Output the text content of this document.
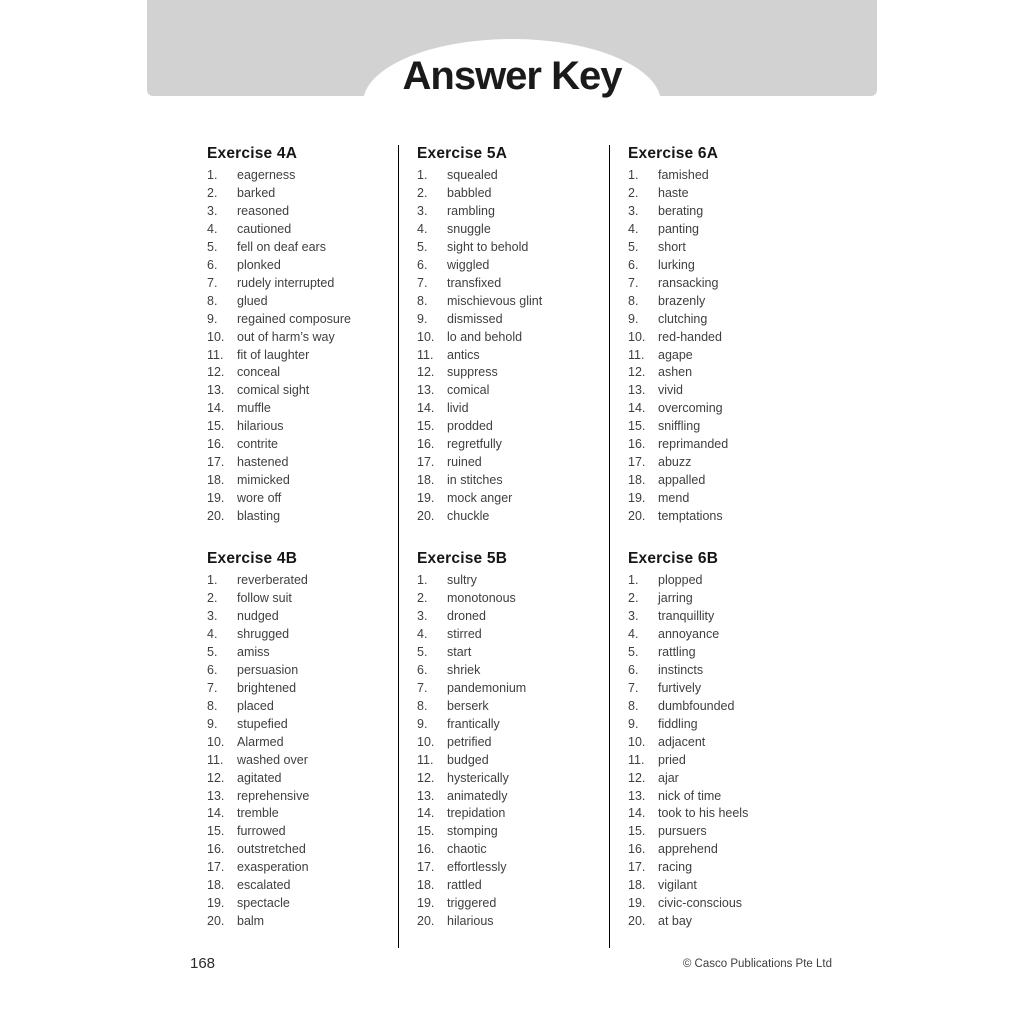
Answer Key
Exercise 4A
1.	eagerness
2.	barked
3.	reasoned
4.	cautioned
5.	fell on deaf ears
6.	plonked
7.	rudely interrupted
8.	glued
9.	regained composure
10.	out of harm’s way
11.	fit of laughter
12.	conceal
13.	comical sight
14.	muffle
15.	hilarious
16.	contrite
17.	hastened
18.	mimicked
19.	wore off
20.	blasting
Exercise 4B
1.	reverberated
2.	follow suit
3.	nudged
4.	shrugged
5.	amiss
6.	persuasion
7.	brightened
8.	placed
9.	stupefied
10.	Alarmed
11.	washed over
12.	agitated
13.	reprehensive
14.	tremble
15.	furrowed
16.	outstretched
17.	exasperation
18.	escalated
19.	spectacle
20.	balm
Exercise 5A
1.	squealed
2.	babbled
3.	rambling
4.	snuggle
5.	sight to behold
6.	wiggled
7.	transfixed
8.	mischievous glint
9.	dismissed
10.	lo and behold
11.	antics
12.	suppress
13.	comical
14.	livid
15.	prodded
16.	regretfully
17.	ruined
18.	in stitches
19.	mock anger
20.	chuckle
Exercise 5B
1.	sultry
2.	monotonous
3.	droned
4.	stirred
5.	start
6.	shriek
7.	pandemonium
8.	berserk
9.	frantically
10.	petrified
11.	budged
12.	hysterically
13.	animatedly
14.	trepidation
15.	stomping
16.	chaotic
17.	effortlessly
18.	rattled
19.	triggered
20.	hilarious
Exercise 6A
1.	famished
2.	haste
3.	berating
4.	panting
5.	short
6.	lurking
7.	ransacking
8.	brazenly
9.	clutching
10.	red-handed
11.	agape
12.	ashen
13.	vivid
14.	overcoming
15.	sniffling
16.	reprimanded
17.	abuzz
18.	appalled
19.	mend
20.	temptations
Exercise 6B
1.	plopped
2.	jarring
3.	tranquillity
4.	annoyance
5.	rattling
6.	instincts
7.	furtively
8.	dumbfounded
9.	fiddling
10.	adjacent
11.	pried
12.	ajar
13.	nick of time
14.	took to his heels
15.	pursuers
16.	apprehend
17.	racing
18.	vigilant
19.	civic-conscious
20.	at bay
168	© Casco Publications Pte Ltd
